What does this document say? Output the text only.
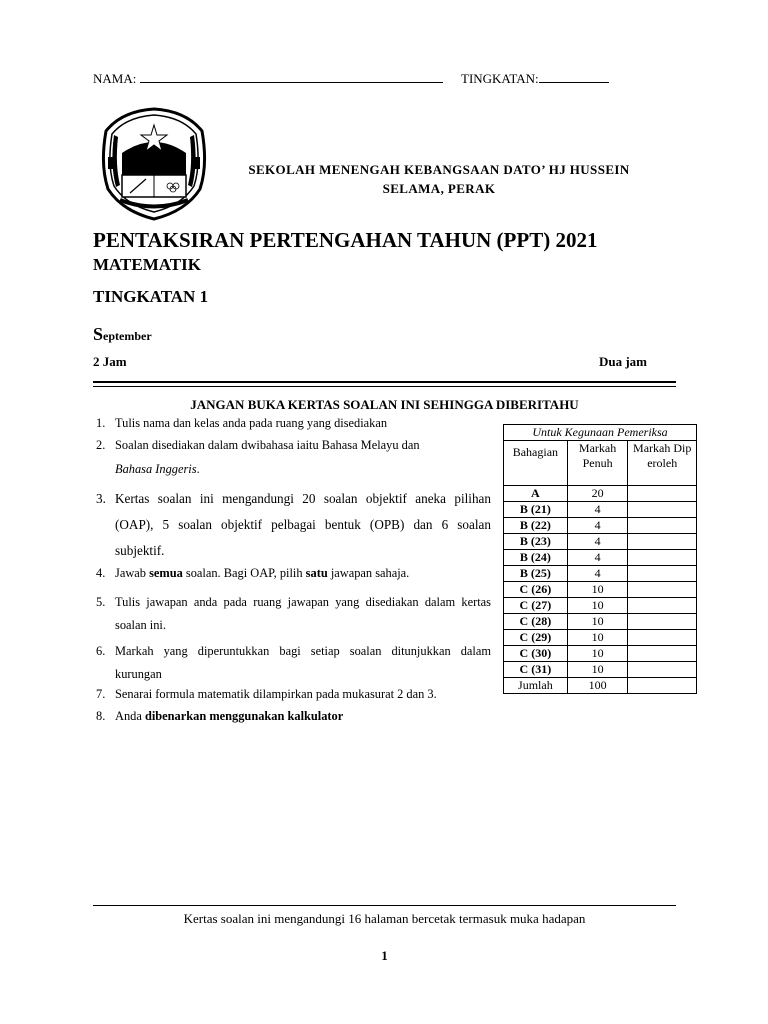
NAMA:	TINGKATAN:
SEKOLAH MENENGAH KEBANGSAAN DATO’ HJ HUSSEIN
SELAMA, PERAK
PENTAKSIRAN PERTENGAHAN TAHUN (PPT) 2021
MATEMATIK
TINGKATAN 1
September
2 Jam	Dua jam
JANGAN BUKA KERTAS SOALAN INI SEHINGGA DIBERITAHU
1. Tulis nama dan kelas anda pada ruang yang disediakan
2. Soalan disediakan dalam dwibahasa iaitu Bahasa Melayu dan
Bahasa Inggeris.
3. Kertas soalan ini mengandungi 20 soalan objektif aneka pilihan (OAP), 5 soalan objektif pelbagai bentuk (OPB) dan 6 soalan subjektif.
4. Jawab semua soalan. Bagi OAP, pilih satu jawapan sahaja.
5. Tulis jawapan anda pada ruang jawapan yang disediakan dalam kertas soalan ini.
6. Markah yang diperuntukkan bagi setiap soalan ditunjukkan dalam kurungan
7. Senarai formula matematik dilampirkan pada mukasurat 2 dan 3.
8. Anda dibenarkan menggunakan kalkulator
Untuk Kegunaan Pemeriksa		
Bahagian	Markah Penuh	Markah Diperoleh
A	20	
B (21)	4	
B (22)	4	
B (23)	4	
B (24)	4	
B (25)	4	
C (26)	10	
C (27)	10	
C (28)	10	
C (29)	10	
C (30)	10	
C (31)	10	
Jumlah	100	
Kertas soalan ini mengandungi 16 halaman bercetak termasuk muka hadapan
1
